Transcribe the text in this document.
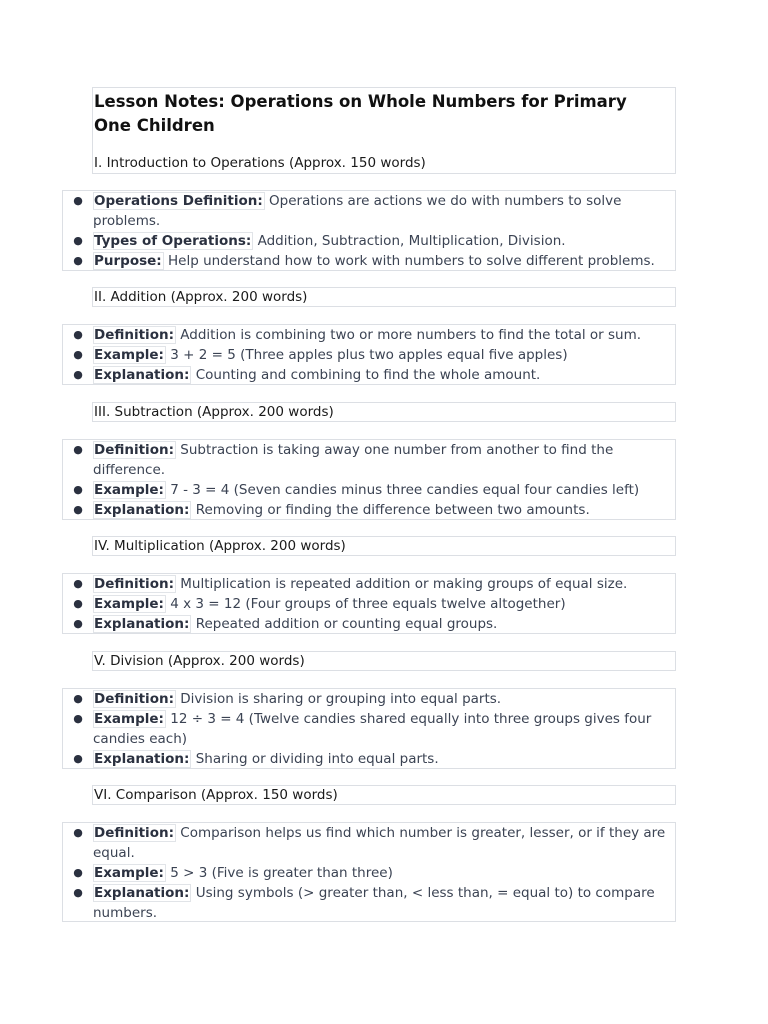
Lesson Notes: Operations on Whole Numbers for Primary One Children
I. Introduction to Operations (Approx. 150 words)
● Operations Definition: Operations are actions we do with numbers to solve problems.
● Types of Operations: Addition, Subtraction, Multiplication, Division.
● Purpose: Help understand how to work with numbers to solve different problems.
II. Addition (Approx. 200 words)
● Definition: Addition is combining two or more numbers to find the total or sum.
● Example: 3 + 2 = 5 (Three apples plus two apples equal five apples)
● Explanation: Counting and combining to find the whole amount.
III. Subtraction (Approx. 200 words)
● Definition: Subtraction is taking away one number from another to find the difference.
● Example: 7 - 3 = 4 (Seven candies minus three candies equal four candies left)
● Explanation: Removing or finding the difference between two amounts.
IV. Multiplication (Approx. 200 words)
● Definition: Multiplication is repeated addition or making groups of equal size.
● Example: 4 x 3 = 12 (Four groups of three equals twelve altogether)
● Explanation: Repeated addition or counting equal groups.
V. Division (Approx. 200 words)
● Definition: Division is sharing or grouping into equal parts.
● Example: 12 ÷ 3 = 4 (Twelve candies shared equally into three groups gives four candies each)
● Explanation: Sharing or dividing into equal parts.
VI. Comparison (Approx. 150 words)
● Definition: Comparison helps us find which number is greater, lesser, or if they are equal.
● Example: 5 > 3 (Five is greater than three)
● Explanation: Using symbols (> greater than, < less than, = equal to) to compare numbers.
